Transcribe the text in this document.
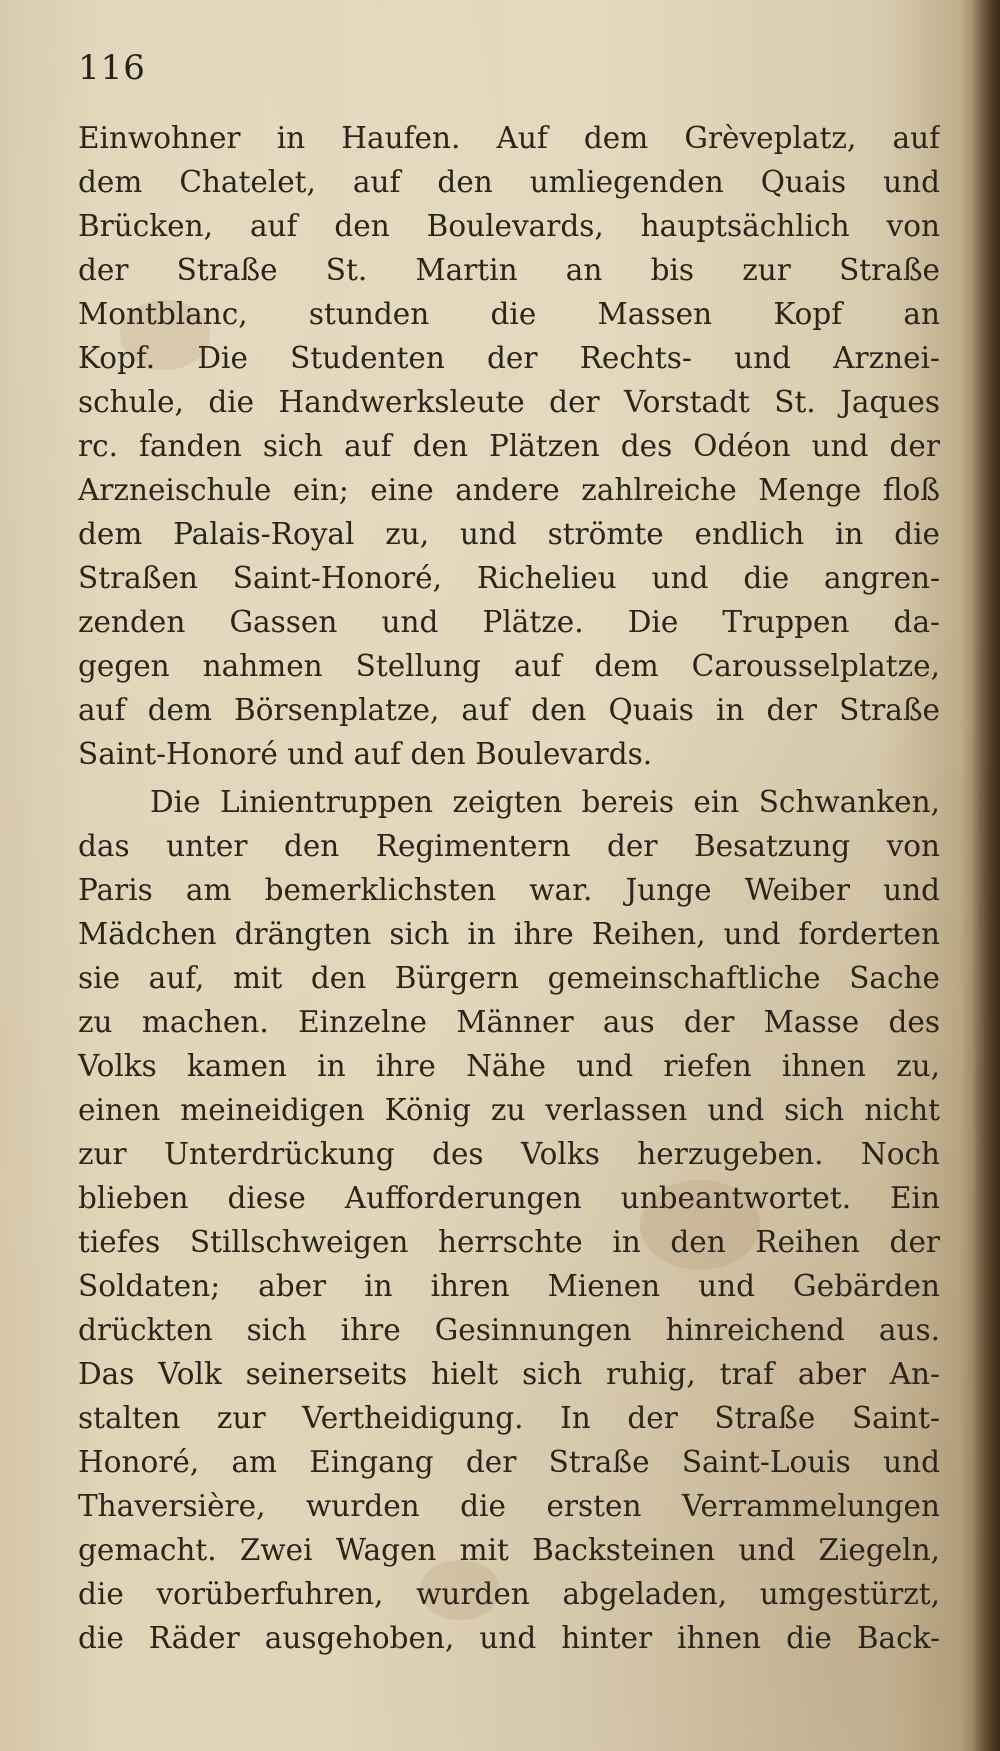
116
Einwohner in Haufen. Auf dem Grèveplatz, auf
dem Chatelet, auf den umliegenden Quais und
Brücken, auf den Boulevards, hauptsächlich von
der Straße St. Martin an bis zur Straße
Montblanc, stunden die Massen Kopf an
Kopf. Die Studenten der Rechts- und Arznei-
schule, die Handwerksleute der Vorstadt St. Jaques
rc. fanden sich auf den Plätzen des Odéon und der
Arzneischule ein; eine andere zahlreiche Menge floß
dem Palais-Royal zu, und strömte endlich in die
Straßen Saint-Honoré, Richelieu und die angren-
zenden Gassen und Plätze. Die Truppen da-
gegen nahmen Stellung auf dem Carousselplatze,
auf dem Börsenplatze, auf den Quais in der Straße
Saint-Honoré und auf den Boulevards.
Die Linientruppen zeigten bereis ein Schwanken,
das unter den Regimentern der Besatzung von
Paris am bemerklichsten war. Junge Weiber und
Mädchen drängten sich in ihre Reihen, und forderten
sie auf, mit den Bürgern gemeinschaftliche Sache
zu machen. Einzelne Männer aus der Masse des
Volks kamen in ihre Nähe und riefen ihnen zu,
einen meineidigen König zu verlassen und sich nicht
zur Unterdrückung des Volks herzugeben. Noch
blieben diese Aufforderungen unbeantwortet. Ein
tiefes Stillschweigen herrschte in den Reihen der
Soldaten; aber in ihren Mienen und Gebärden
drückten sich ihre Gesinnungen hinreichend aus.
Das Volk seinerseits hielt sich ruhig, traf aber An-
stalten zur Vertheidigung. In der Straße Saint-
Honoré, am Eingang der Straße Saint-Louis und
Thaversière, wurden die ersten Verrammelungen
gemacht. Zwei Wagen mit Backsteinen und Ziegeln,
die vorüberfuhren, wurden abgeladen, umgestürzt,
die Räder ausgehoben, und hinter ihnen die Back-
